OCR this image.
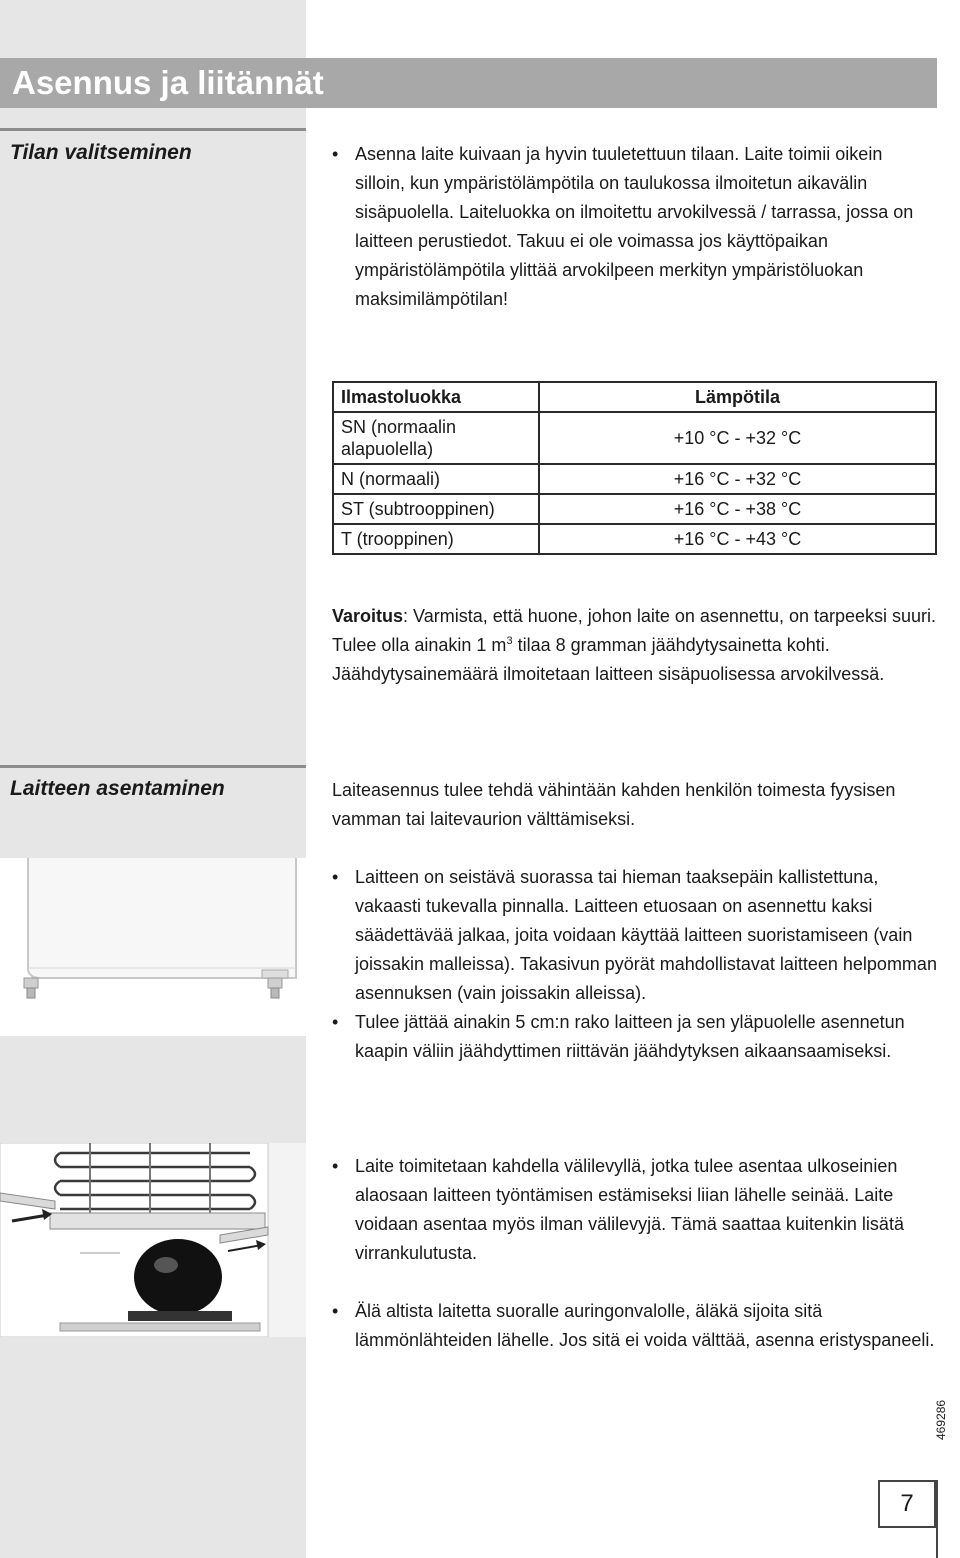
Asennus ja liitännät
Tilan valitseminen	• Asenna laite kuivaan ja hyvin tuuletettuun tilaan. Laite toimii oikein silloin, kun ympäristölämpötila on taulukossa ilmoitetun aikavälin sisäpuolella. Laiteluokka on ilmoitettu arvokilvessä / tarrassa, jossa on laitteen perustiedot. Takuu ei ole voimassa jos käyttöpaikan ympäristölämpötila ylittää arvokilpeen merkityn ympäristöluokan maksimilämpötilan!
Ilmastoluokka	Lämpötila
SN (normaalin alapuolella)	+10 °C - +32 °C
N (normaali)	+16 °C - +32 °C
ST (subtrooppinen)	+16 °C - +38 °C
T (trooppinen)	+16 °C - +43 °C
Varoitus: Varmista, että huone, johon laite on asennettu, on tarpeeksi suuri. Tulee olla ainakin 1 $m^3$ tilaa 8 gramman jäähdytysainetta kohti. Jäähdytysainemäärä ilmoitetaan laitteen sisäpuolisessa arvokilvessä.
Laitteen asentaminen	Laiteasennus tulee tehdä vähintään kahden henkilön toimesta fyysisen vamman tai laitevaurion välttämiseksi.
• Laitteen on seistävä suorassa tai hieman taaksepäin kallistettuna, vakaasti tukevalla pinnalla. Laitteen etuosaan on asennettu kaksi säädettävää jalkaa, joita voidaan käyttää laitteen suoristamiseen (vain joissakin malleissa). Takasivun pyörät mahdollistavat laitteen helpomman asennuksen (vain joissakin alleissa).
• Tulee jättää ainakin 5 cm:n rako laitteen ja sen yläpuolelle asennetun kaapin väliin jäähdyttimen riittävän jäähdytyksen aikaansaamiseksi.
• Laite toimitetaan kahdella välilevyllä, jotka tulee asentaa ulkoseinien alaosaan laitteen työntämisen estämiseksi liian lähelle seinää. Laite voidaan asentaa myös ilman välilevyjä. Tämä saattaa kuitenkin lisätä virrankulutusta.
• Älä altista laitetta suoralle auringonvalolle, äläkä sijoita sitä lämmönlähteiden lähelle. Jos sitä ei voida välttää, asenna eristyspaneeli.
469286
7
